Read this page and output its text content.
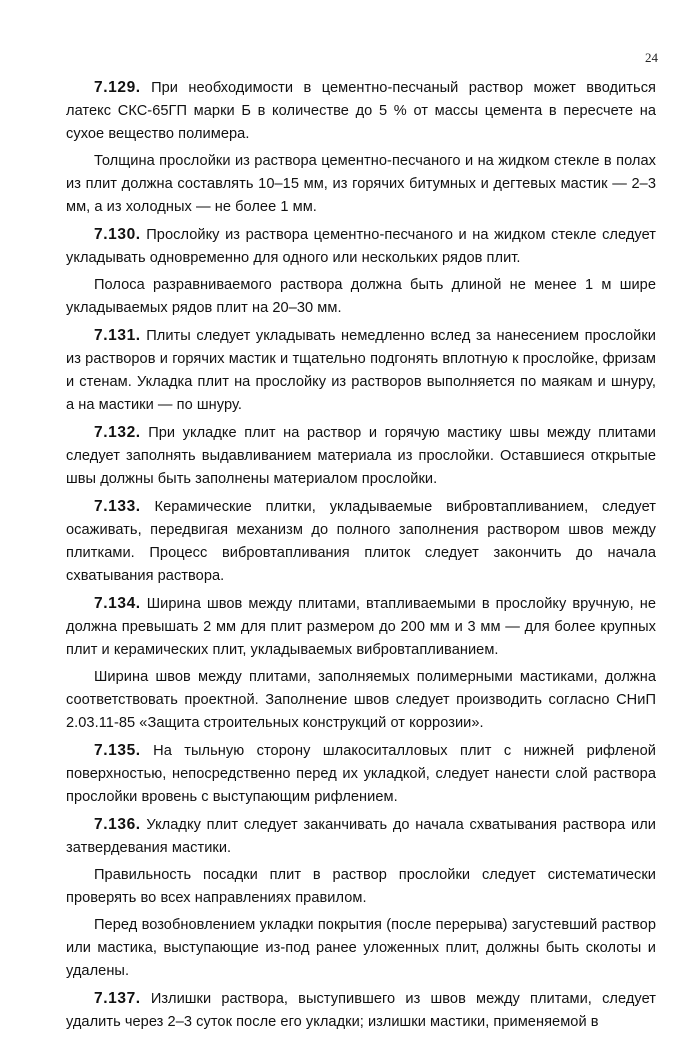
24

7.129. При необходимости в цементно-песчаный раствор может вводиться латекс СКС-65ГП марки Б в количестве до 5 % от массы цемента в пересчете на сухое вещество полимера.

Толщина прослойки из раствора цементно-песчаного и на жидком стекле в полах из плит должна составлять 10–15 мм, из горячих битумных и дегтевых мастик — 2–3 мм, а из холодных — не более 1 мм.

7.130. Прослойку из раствора цементно-песчаного и на жидком стекле следует укладывать одновременно для одного или нескольких рядов плит.

Полоса разравниваемого раствора должна быть длиной не менее 1 м шире укладываемых рядов плит на 20–30 мм.

7.131. Плиты следует укладывать немедленно вслед за нанесением прослойки из растворов и горячих мастик и тщательно подгонять вплотную к прослойке, фризам и стенам. Укладка плит на прослойку из растворов выполняется по маякам и шнуру, а на мастики — по шнуру.

7.132. При укладке плит на раствор и горячую мастику швы между плитами следует заполнять выдавливанием материала из прослойки. Оставшиеся открытые швы должны быть заполнены материалом прослойки.

7.133. Керамические плитки, укладываемые вибровтапливанием, следует осаживать, передвигая механизм до полного заполнения раствором швов между плитками. Процесс вибровтапливания плиток следует закончить до начала схватывания раствора.

7.134. Ширина швов между плитами, втапливаемыми в прослойку вручную, не должна превышать 2 мм для плит размером до 200 мм и 3 мм — для более крупных плит и керамических плит, укладываемых вибровтапливанием.

Ширина швов между плитами, заполняемых полимерными мастиками, должна соответствовать проектной. Заполнение швов следует производить согласно СНиП 2.03.11-85 «Защита строительных конструкций от коррозии».

7.135. На тыльную сторону шлакоситалловых плит с нижней рифленой поверхностью, непосредственно перед их укладкой, следует нанести слой раствора прослойки вровень с выступающим рифлением.

7.136. Укладку плит следует заканчивать до начала схватывания раствора или затвердевания мастики.

Правильность посадки плит в раствор прослойки следует систематически проверять во всех направлениях правилом.

Перед возобновлением укладки покрытия (после перерыва) загустевший раствор или мастика, выступающие из-под ранее уложенных плит, должны быть сколоты и удалены.

7.137. Излишки раствора, выступившего из швов между плитами, следует удалить через 2–3 суток после его укладки; излишки мастики, применяемой в
